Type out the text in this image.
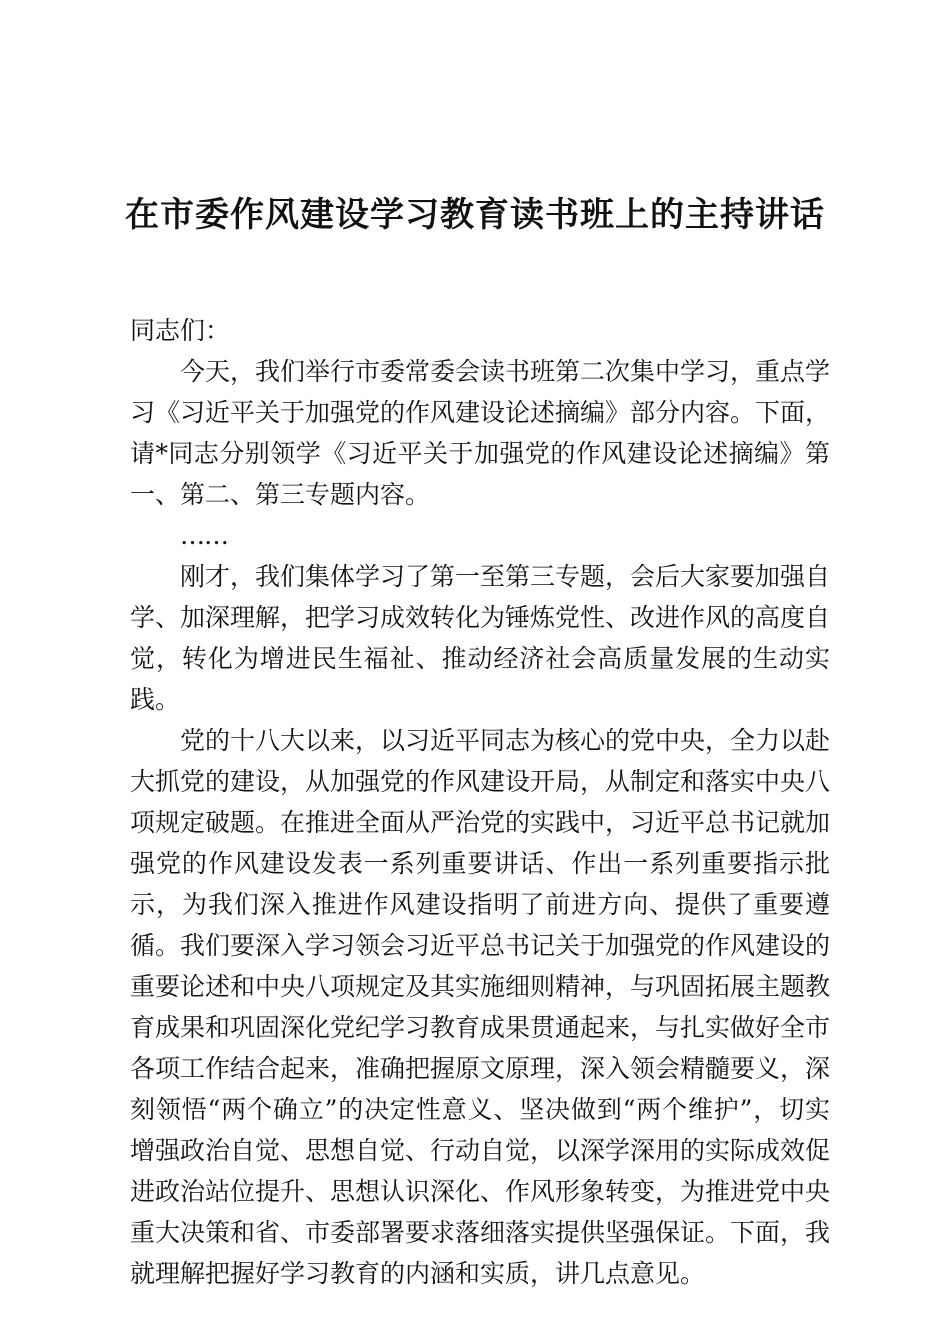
在市委作风建设学习教育读书班上的主持讲话

同志们：

今天，我们举行市委常委会读书班第二次集中学习，重点学习《习近平关于加强党的作风建设论述摘编》部分内容。下面，请*同志分别领学《习近平关于加强党的作风建设论述摘编》第一、第二、第三专题内容。

……

刚才，我们集体学习了第一至第三专题，会后大家要加强自学、加深理解，把学习成效转化为锤炼党性、改进作风的高度自觉，转化为增进民生福祉、推动经济社会高质量发展的生动实践。

党的十八大以来，以习近平同志为核心的党中央，全力以赴大抓党的建设，从加强党的作风建设开局，从制定和落实中央八项规定破题。在推进全面从严治党的实践中，习近平总书记就加强党的作风建设发表一系列重要讲话、作出一系列重要指示批示，为我们深入推进作风建设指明了前进方向、提供了重要遵循。我们要深入学习领会习近平总书记关于加强党的作风建设的重要论述和中央八项规定及其实施细则精神，与巩固拓展主题教育成果和巩固深化党纪学习教育成果贯通起来，与扎实做好全市各项工作结合起来，准确把握原文原理，深入领会精髓要义，深刻领悟“两个确立”的决定性意义、坚决做到“两个维护”，切实增强政治自觉、思想自觉、行动自觉，以深学深用的实际成效促进政治站位提升、思想认识深化、作风形象转变，为推进党中央重大决策和省、市委部署要求落细落实提供坚强保证。下面，我就理解把握好学习教育的内涵和实质，讲几点意见。
